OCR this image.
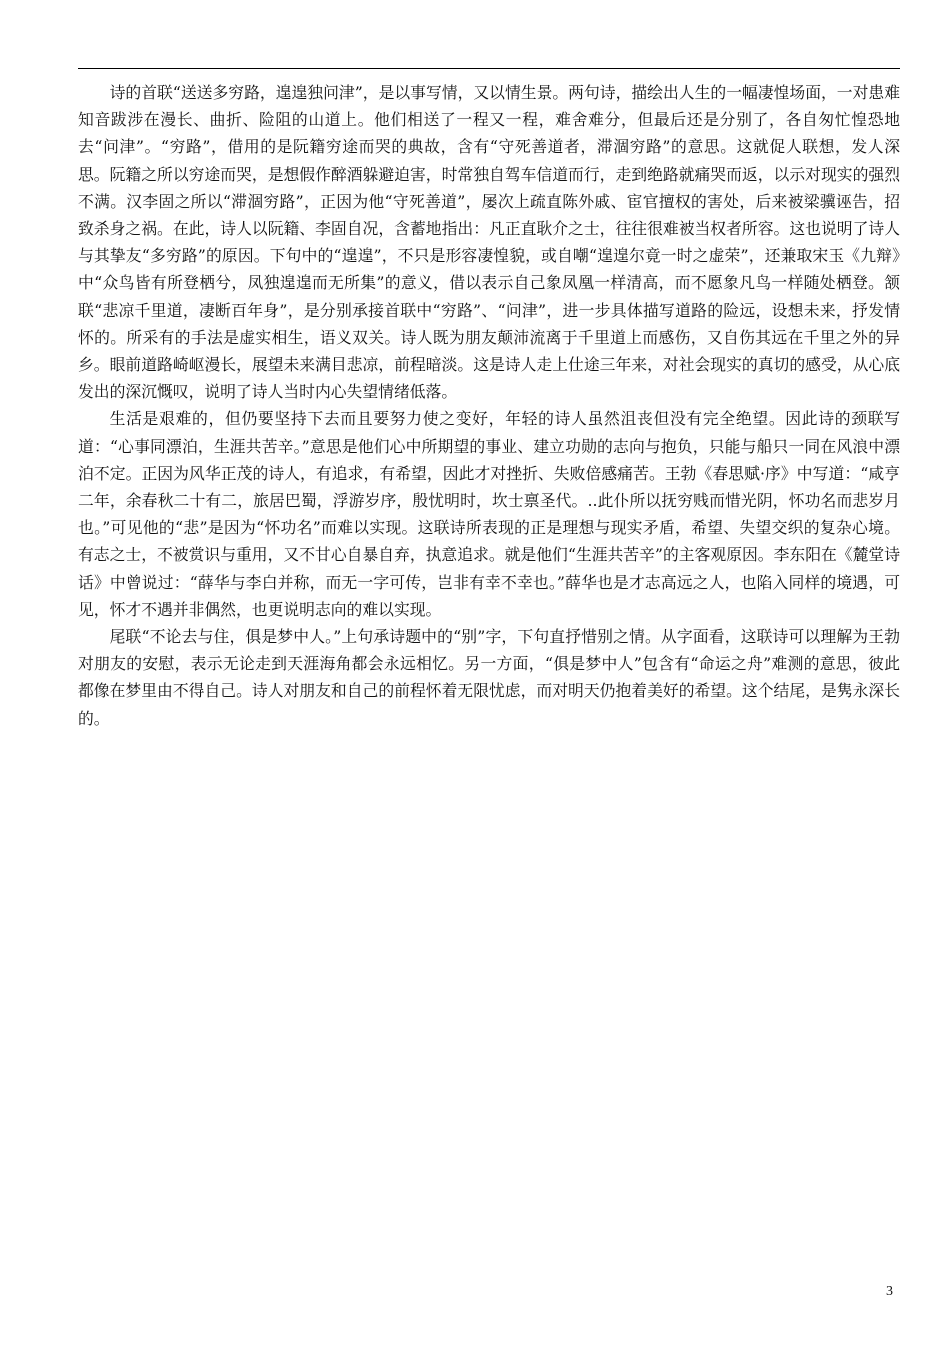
诗的首联“送送多穷路，遑遑独问津”，是以事写情，又以情生景。两句诗，描绘出人生的一幅凄惶场面，一对患难知音跋涉在漫长、曲折、险阻的山道上。他们相送了一程又一程，难舍难分，但最后还是分别了，各自匆忙惶恐地去“问津”。“穷路”，借用的是阮籍穷途而哭的典故，含有“守死善道者，滞涸穷路”的意思。这就促人联想，发人深思。阮籍之所以穷途而哭，是想假作醉酒躲避迫害，时常独自驾车信道而行，走到绝路就痛哭而返，以示对现实的强烈不满。汉李固之所以“滞涸穷路”，正因为他“守死善道”，屡次上疏直陈外戚、宦官擅权的害处，后来被梁骥诬告，招致杀身之祸。在此，诗人以阮籍、李固自况，含蓄地指出：凡正直耿介之士，往往很难被当权者所容。这也说明了诗人与其挚友“多穷路”的原因。下句中的“遑遑”，不只是形容凄惶貌，或自嘲“遑遑尔竟一时之虚荣”，还兼取宋玉《九辩》中“众鸟皆有所登栖兮，凤独遑遑而无所集”的意义，借以表示自己象凤凰一样清高，而不愿象凡鸟一样随处栖登。颔联“悲凉千里道，凄断百年身”，是分别承接首联中“穷路”、“问津”，进一步具体描写道路的险远，设想未来，抒发情怀的。所采有的手法是虚实相生，语义双关。诗人既为朋友颠沛流离于千里道上而感伤，又自伤其远在千里之外的异乡。眼前道路崎岖漫长，展望未来满目悲凉，前程暗淡。这是诗人走上仕途三年来，对社会现实的真切的感受，从心底发出的深沉慨叹，说明了诗人当时内心失望情绪低落。

生活是艰难的，但仍要坚持下去而且要努力使之变好，年轻的诗人虽然沮丧但没有完全绝望。因此诗的颈联写道：“心事同漂泊，生涯共苦辛。”意思是他们心中所期望的事业、建立功勋的志向与抱负，只能与船只一同在风浪中漂泊不定。正因为风华正茂的诗人，有追求，有希望，因此才对挫折、失败倍感痛苦。王勃《春思赋·序》中写道：“咸亨二年，余春秋二十有二，旅居巴蜀，浮游岁序，殷忧明时，坎士禀圣代。..此仆所以抚穷贱而惜光阴，怀功名而悲岁月也。”可见他的“悲”是因为“怀功名”而难以实现。这联诗所表现的正是理想与现实矛盾，希望、失望交织的复杂心境。有志之士，不被赏识与重用，又不甘心自暴自弃，执意追求。就是他们“生涯共苦辛”的主客观原因。李东阳在《麓堂诗话》中曾说过：“薛华与李白并称，而无一字可传，岂非有幸不幸也。”薛华也是才志高远之人，也陷入同样的境遇，可见，怀才不遇并非偶然，也更说明志向的难以实现。

尾联“不论去与住，俱是梦中人。”上句承诗题中的“别”字，下句直抒惜别之情。从字面看，这联诗可以理解为王勃对朋友的安慰，表示无论走到天涯海角都会永远相忆。另一方面，“俱是梦中人”包含有“命运之舟”难测的意思，彼此都像在梦里由不得自己。诗人对朋友和自己的前程怀着无限忧虑，而对明天仍抱着美好的希望。这个结尾，是隽永深长的。

3
